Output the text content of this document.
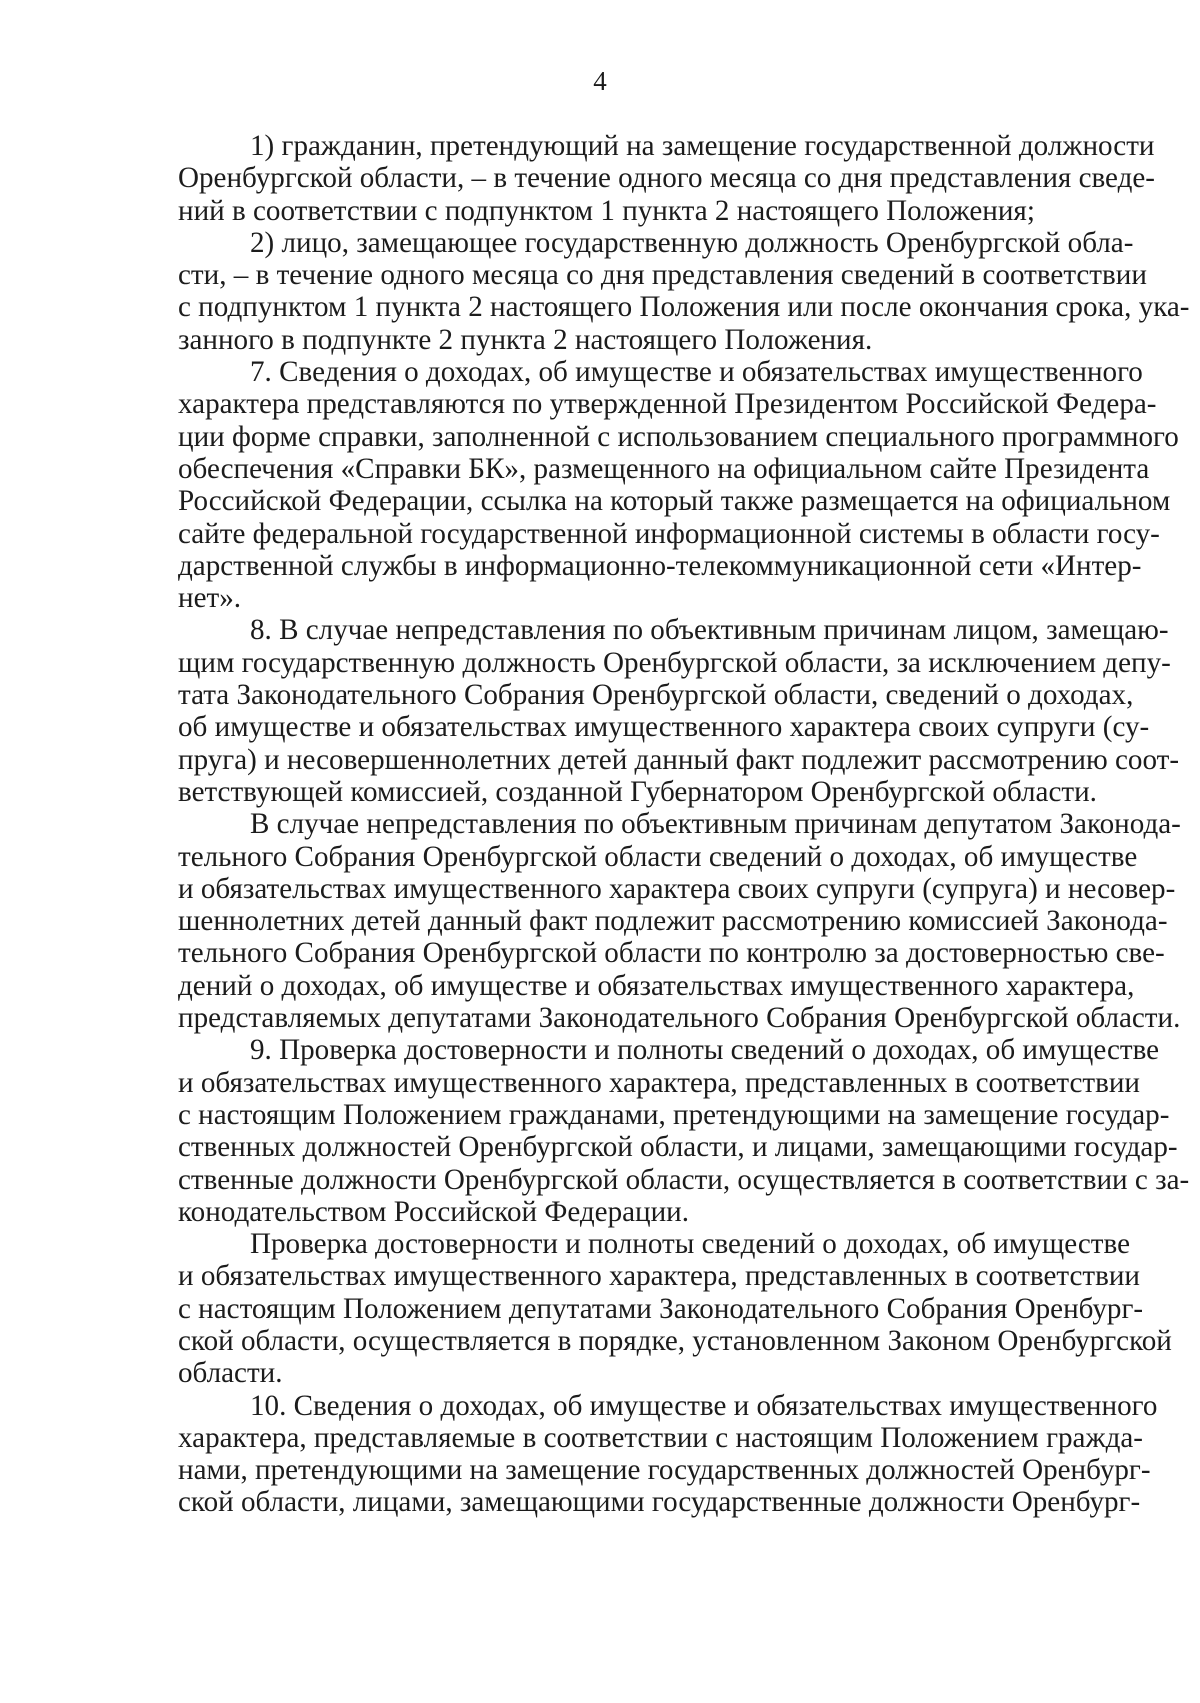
4
1) гражданин, претендующий на замещение государственной должности
Оренбургской области, – в течение одного месяца со дня представления сведе-
ний в соответствии с подпунктом 1 пункта 2 настоящего Положения;
2) лицо, замещающее государственную должность Оренбургской обла-
сти, – в течение одного месяца со дня представления сведений в соответствии
с подпунктом 1 пункта 2 настоящего Положения или после окончания срока, ука-
занного в подпункте 2 пункта 2 настоящего Положения.
7. Сведения о доходах, об имуществе и обязательствах имущественного
характера представляются по утвержденной Президентом Российской Федера-
ции форме справки, заполненной с использованием специального программного
обеспечения «Справки БК», размещенного на официальном сайте Президента
Российской Федерации, ссылка на который также размещается на официальном
сайте федеральной государственной информационной системы в области госу-
дарственной службы в информационно-телекоммуникационной сети «Интер-
нет».
8. В случае непредставления по объективным причинам лицом, замещаю-
щим государственную должность Оренбургской области, за исключением депу-
тата Законодательного Собрания Оренбургской области, сведений о доходах,
об имуществе и обязательствах имущественного характера своих супруги (су-
пруга) и несовершеннолетних детей данный факт подлежит рассмотрению соот-
ветствующей комиссией, созданной Губернатором Оренбургской области.
В случае непредставления по объективным причинам депутатом Законода-
тельного Собрания Оренбургской области сведений о доходах, об имуществе
и обязательствах имущественного характера своих супруги (супруга) и несовер-
шеннолетних детей данный факт подлежит рассмотрению комиссией Законода-
тельного Собрания Оренбургской области по контролю за достоверностью све-
дений о доходах, об имуществе и обязательствах имущественного характера,
представляемых депутатами Законодательного Собрания Оренбургской области.
9. Проверка достоверности и полноты сведений о доходах, об имуществе
и обязательствах имущественного характера, представленных в соответствии
с настоящим Положением гражданами, претендующими на замещение государ-
ственных должностей Оренбургской области, и лицами, замещающими государ-
ственные должности Оренбургской области, осуществляется в соответствии с за-
конодательством Российской Федерации.
Проверка достоверности и полноты сведений о доходах, об имуществе
и обязательствах имущественного характера, представленных в соответствии
с настоящим Положением депутатами Законодательного Собрания Оренбург-
ской области, осуществляется в порядке, установленном Законом Оренбургской
области.
10. Сведения о доходах, об имуществе и обязательствах имущественного
характера, представляемые в соответствии с настоящим Положением гражда-
нами, претендующими на замещение государственных должностей Оренбург-
ской области, лицами, замещающими государственные должности Оренбург-
